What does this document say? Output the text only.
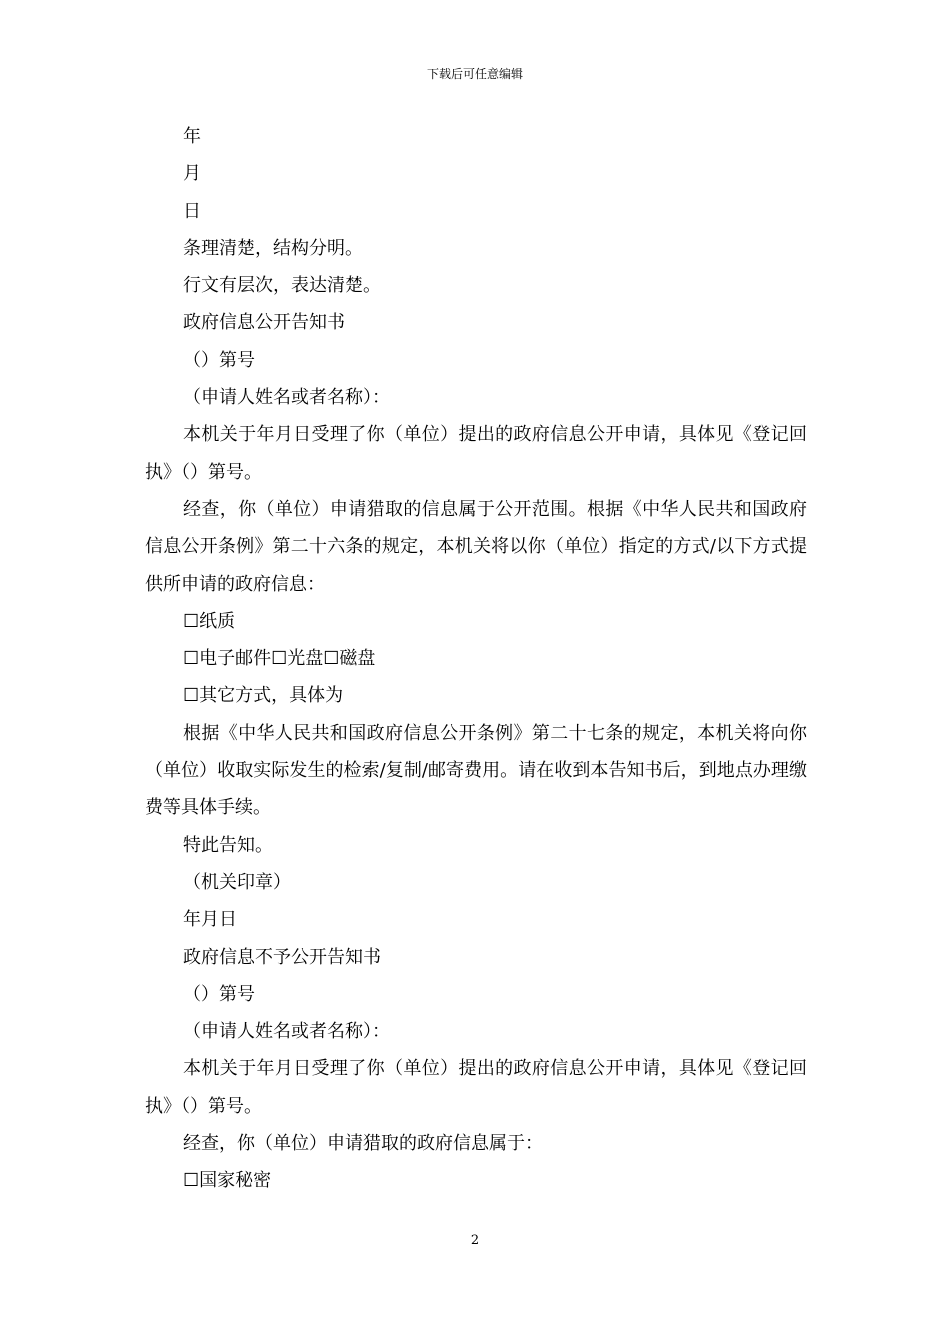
下载后可任意编辑

年

月

日

条理清楚，结构分明。

行文有层次，表达清楚。

政府信息公开告知书

（）第号

（申请人姓名或者名称）：

本机关于年月日受理了你（单位）提出的政府信息公开申请，具体见《登记回执》（）第号。

经查，你（单位）申请猎取的信息属于公开范围。根据《中华人民共和国政府信息公开条例》第二十六条的规定，本机关将以你（单位）指定的方式/以下方式提供所申请的政府信息：

☐纸质

☐电子邮件☐光盘☐磁盘

☐其它方式，具体为

根据《中华人民共和国政府信息公开条例》第二十七条的规定，本机关将向你（单位）收取实际发生的检索/复制/邮寄费用。请在收到本告知书后，到地点办理缴费等具体手续。

特此告知。

（机关印章）

年月日

政府信息不予公开告知书

（）第号

（申请人姓名或者名称）：

本机关于年月日受理了你（单位）提出的政府信息公开申请，具体见《登记回执》（）第号。

经查，你（单位）申请猎取的政府信息属于：

☐国家秘密

2
